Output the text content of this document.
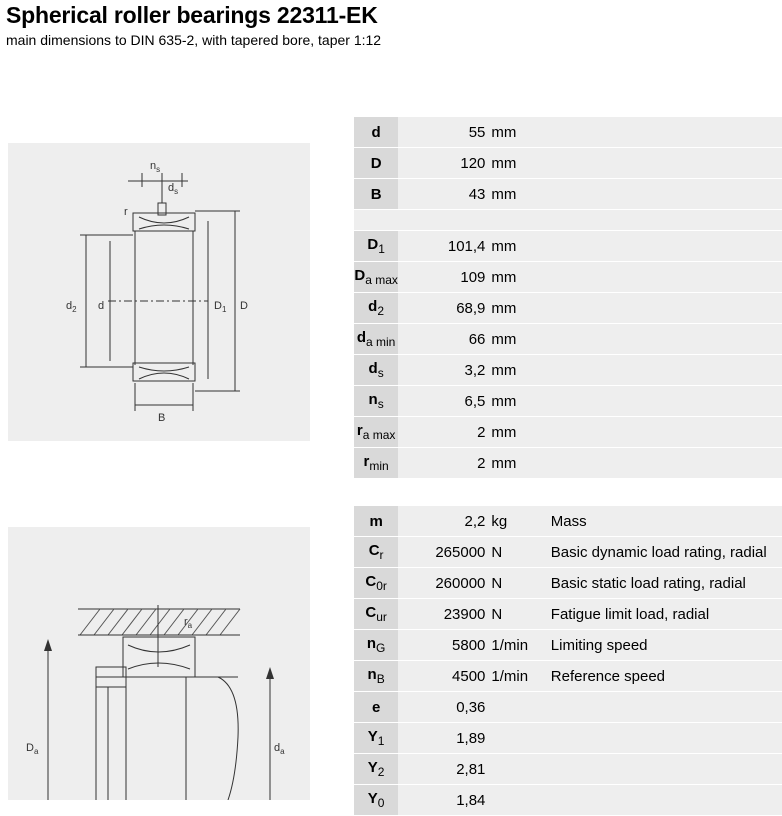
Spherical roller bearings 22311-EK
main dimensions to DIN 635-2, with tapered bore, taper 1:12
$d_2$ d	$D_1$ D
B
$n_s$
$d_s$
r
$r_a$
$D_a$	$d_a$
d	55	mm	
D	120	mm	
B	43	mm	

$D_1$	101,4	mm	
$D_{a max}$	109	mm	
$d_2$	68,9	mm	
$d_{a min}$	66	mm	
$d_s$	3,2	mm	
$n_s$	6,5	mm	
$r_{a max}$	2	mm	
$r_{min}$	2	mm	

m	2,2	kg	Mass
$C_r$	265000	N	Basic dynamic load rating, radial
$C_{0r}$	260000	N	Basic static load rating, radial
$C_{ur}$	23900	N	Fatigue limit load, radial
$n_G$	5800	1/min	Limiting speed
$n_B$	4500	1/min	Reference speed
e	0,36		
$Y_1$	1,89		
$Y_2$	2,81		
$Y_0$	1,84		
